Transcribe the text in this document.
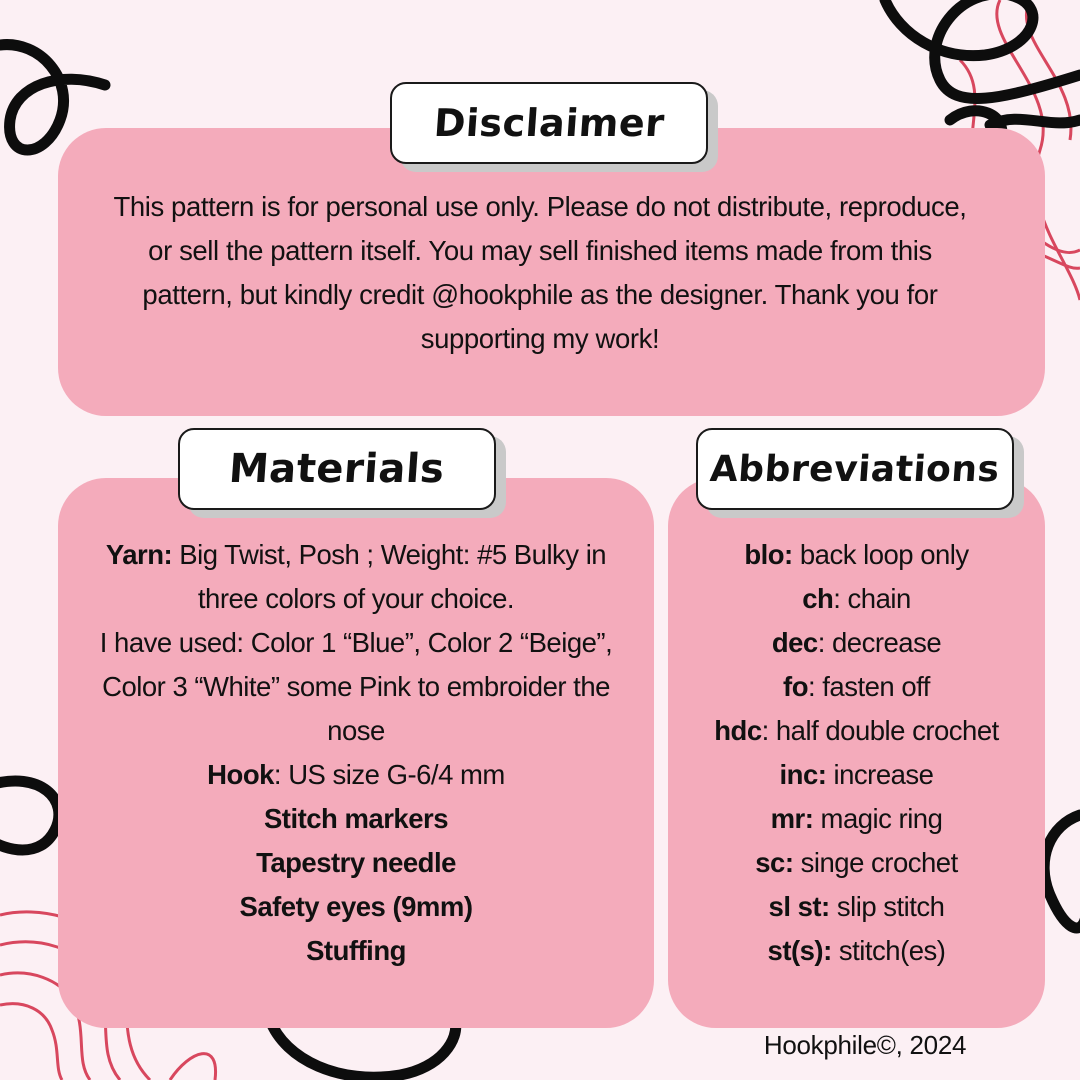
Disclaimer
This pattern is for personal use only. Please do not distribute, reproduce,
or sell the pattern itself. You may sell finished items made from this
pattern, but kindly credit @hookphile as the designer. Thank you for
supporting my work!
Materials
Yarn: Big Twist, Posh ; Weight: #5 Bulky in
three colors of your choice.
I have used: Color 1 “Blue”, Color 2 “Beige”,
Color 3 “White” some Pink to embroider the
nose
Hook: US size G-6/4 mm
Stitch markers
Tapestry needle
Safety eyes (9mm)
Stuffing
Abbreviations
blo: back loop only
ch: chain
dec: decrease
fo: fasten off
hdc: half double crochet
inc: increase
mr: magic ring
sc: singe crochet
sl st: slip stitch
st(s): stitch(es)
Hookphile©, 2024
